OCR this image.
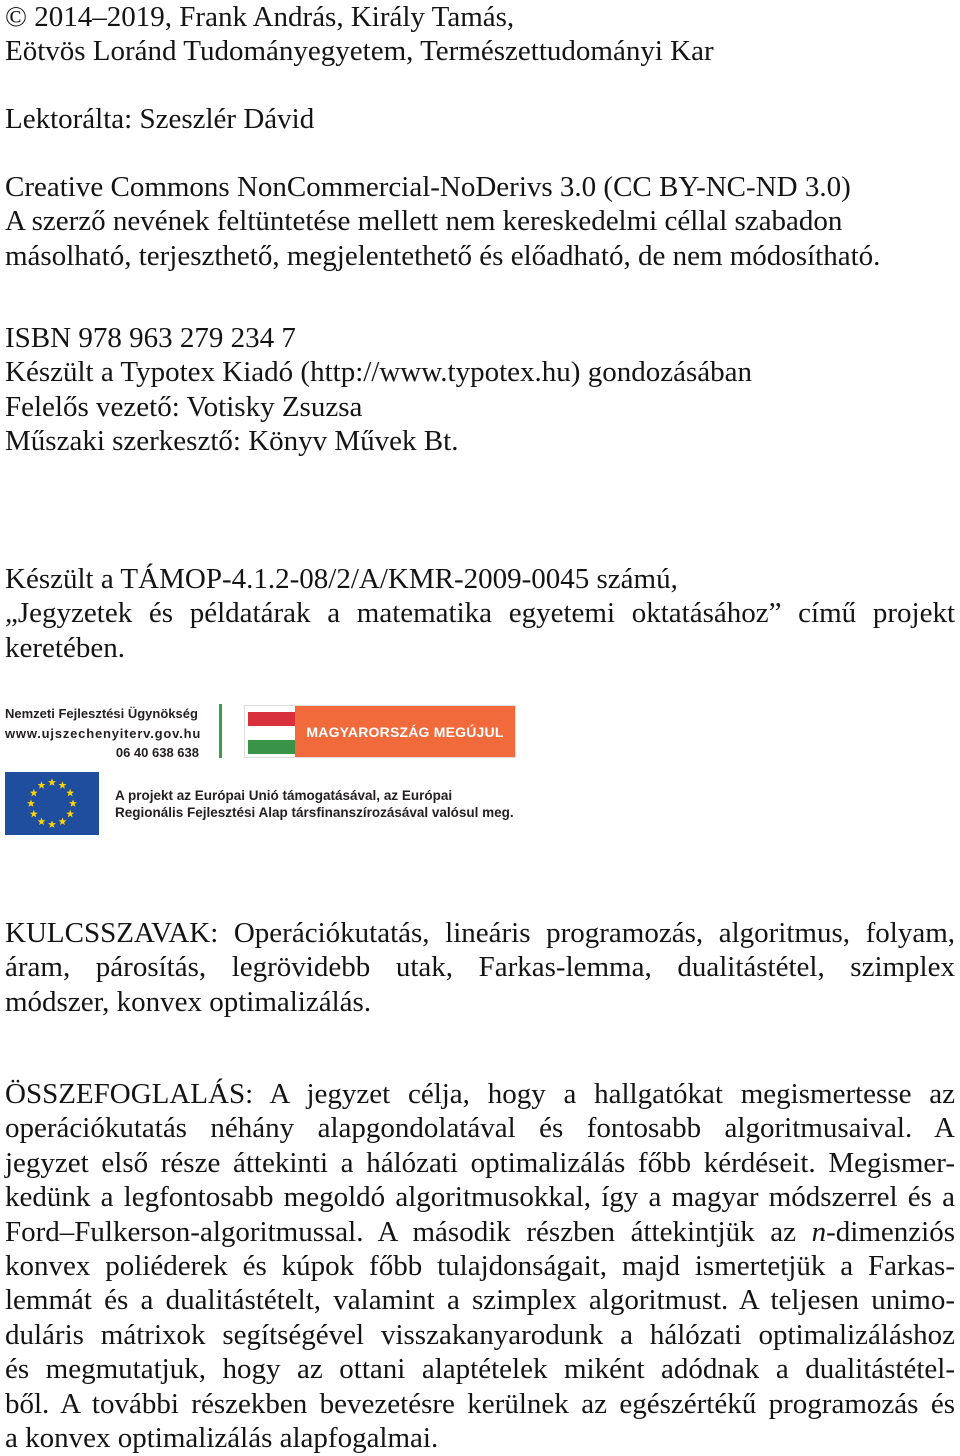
© 2014–2019, Frank András, Király Tamás,
Eötvös Loránd Tudományegyetem, Természettudományi Kar
Lektorálta: Szeszlér Dávid
Creative Commons NonCommercial-NoDerivs 3.0 (CC BY-NC-ND 3.0)
A szerző nevének feltüntetése mellett nem kereskedelmi céllal szabadon
másolható, terjeszthető, megjelentethető és előadható, de nem módosítható.
ISBN 978 963 279 234 7
Készült a Typotex Kiadó (http://www.typotex.hu) gondozásában
Felelős vezető: Votisky Zsuzsa
Műszaki szerkesztő: Könyv Művek Bt.
Készült a TÁMOP-4.1.2-08/2/A/KMR-2009-0045 számú,
„Jegyzetek és példatárak a matematika egyetemi oktatásához” című projekt
keretében.
Nemzeti Fejlesztési Ügynökség
www.ujszechenyiterv.gov.hu
06 40 638 638
MAGYARORSZÁG MEGÚJUL
A projekt az Európai Unió támogatásával, az Európai
Regionális Fejlesztési Alap társfinanszírozásával valósul meg.
KULCSSZAVAK: Operációkutatás, lineáris programozás, algoritmus, folyam,
áram, párosítás, legrövidebb utak, Farkas-lemma, dualitástétel, szimplex
módszer, konvex optimalizálás.
ÖSSZEFOGLALÁS: A jegyzet célja, hogy a hallgatókat megismertesse az
operációkutatás néhány alapgondolatával és fontosabb algoritmusaival. A
jegyzet első része áttekinti a hálózati optimalizálás főbb kérdéseit. Megismer-
kedünk a legfontosabb megoldó algoritmusokkal, így a magyar módszerrel és a
Ford–Fulkerson-algoritmussal. A második részben áttekintjük az n-dimenziós
konvex poliéderek és kúpok főbb tulajdonságait, majd ismertetjük a Farkas-
lemmát és a dualitástételt, valamint a szimplex algoritmust. A teljesen unimo-
duláris mátrixok segítségével visszakanyarodunk a hálózati optimalizáláshoz
és megmutatjuk, hogy az ottani alaptételek miként adódnak a dualitástétel-
ből. A további részekben bevezetésre kerülnek az egészértékű programozás és
a konvex optimalizálás alapfogalmai.
